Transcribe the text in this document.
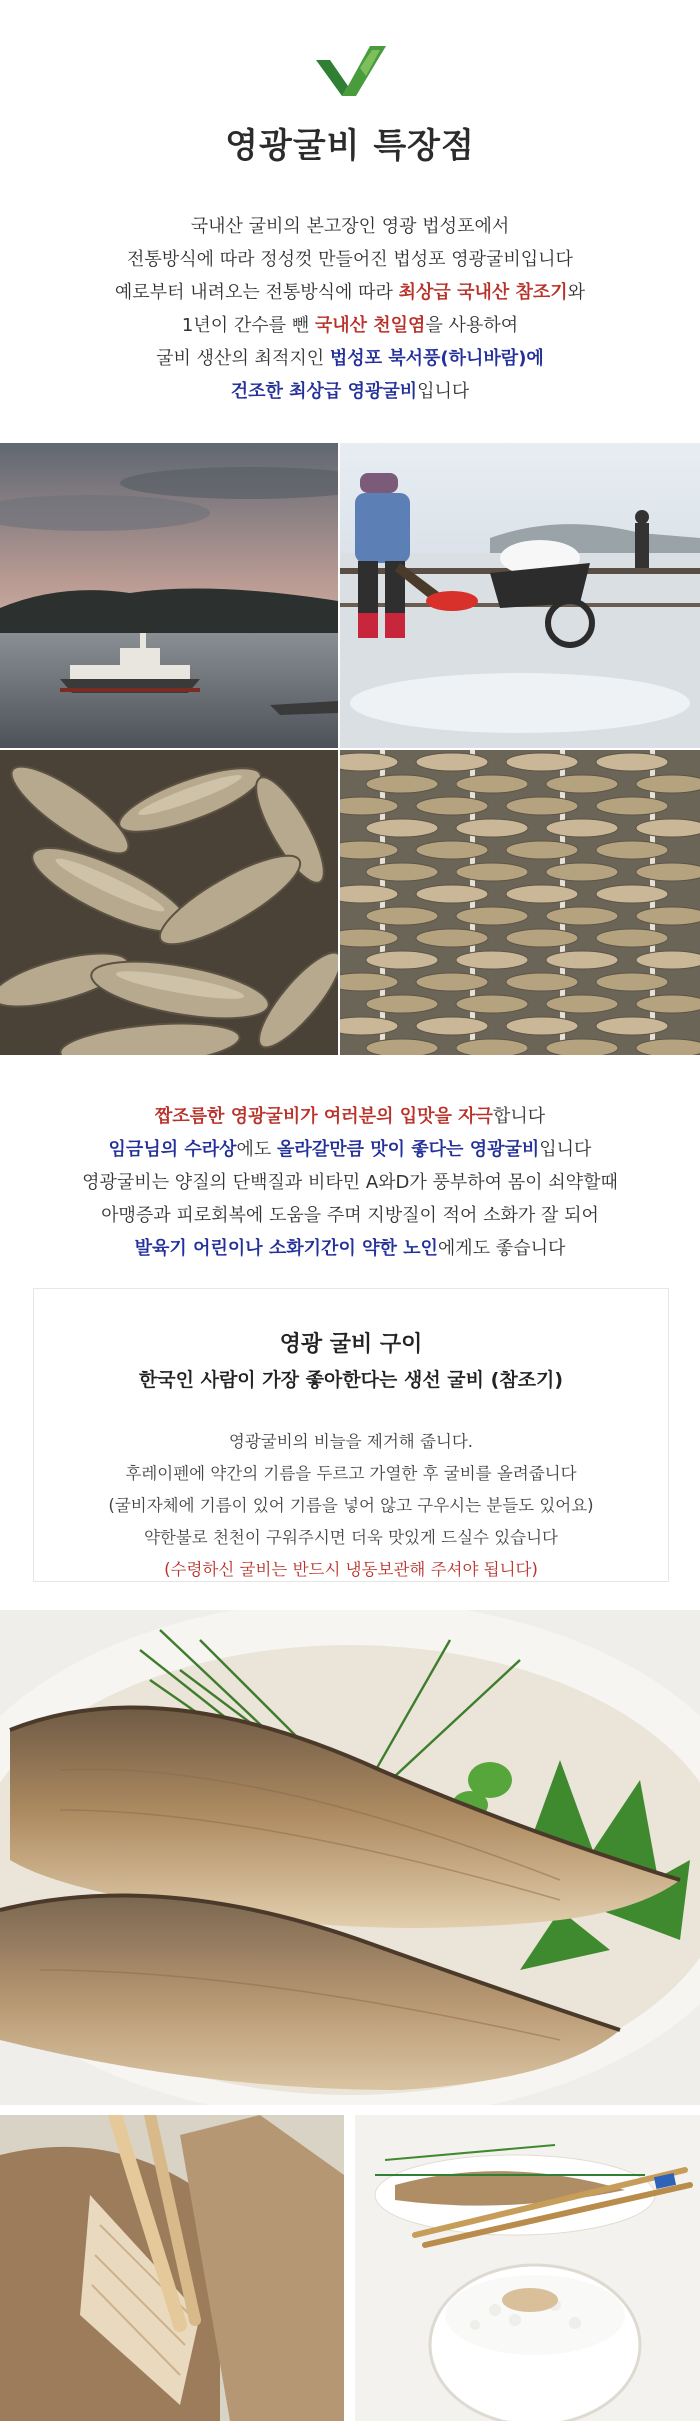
영광굴비 특장점
국내산 굴비의 본고장인 영광 법성포에서
전통방식에 따라 정성껏 만들어진 법성포 영광굴비입니다
예로부터 내려오는 전통방식에 따라 최상급 국내산 참조기와
1년이 간수를 뺀 국내산 천일염을 사용하여
굴비 생산의 최적지인 법성포 북서풍(하니바람)에
건조한 최상급 영광굴비입니다
짭조름한 영광굴비가 여러분의 입맛을 자극합니다
임금님의 수라상에도 올라갈만큼 맛이 좋다는 영광굴비입니다
영광굴비는 양질의 단백질과 비타민 A와D가 풍부하여 몸이 쇠약할때
아맹증과 피로회복에 도움을 주며 지방질이 적어 소화가 잘 되어
발육기 어린이나 소화기간이 약한 노인에게도 좋습니다
영광 굴비 구이
한국인 사람이 가장 좋아한다는 생선 굴비 (참조기)
영광굴비의 비늘을 제거해 줍니다.
후레이펜에 약간의 기름을 두르고 가열한 후 굴비를 올려줍니다
(굴비자체에 기름이 있어 기름을 넣어 않고 구우시는 분들도 있어요)
약한불로 천천이 구워주시면 더욱 맛있게 드실수 있습니다
(수령하신 굴비는 반드시 냉동보관해 주셔야 됩니다)
